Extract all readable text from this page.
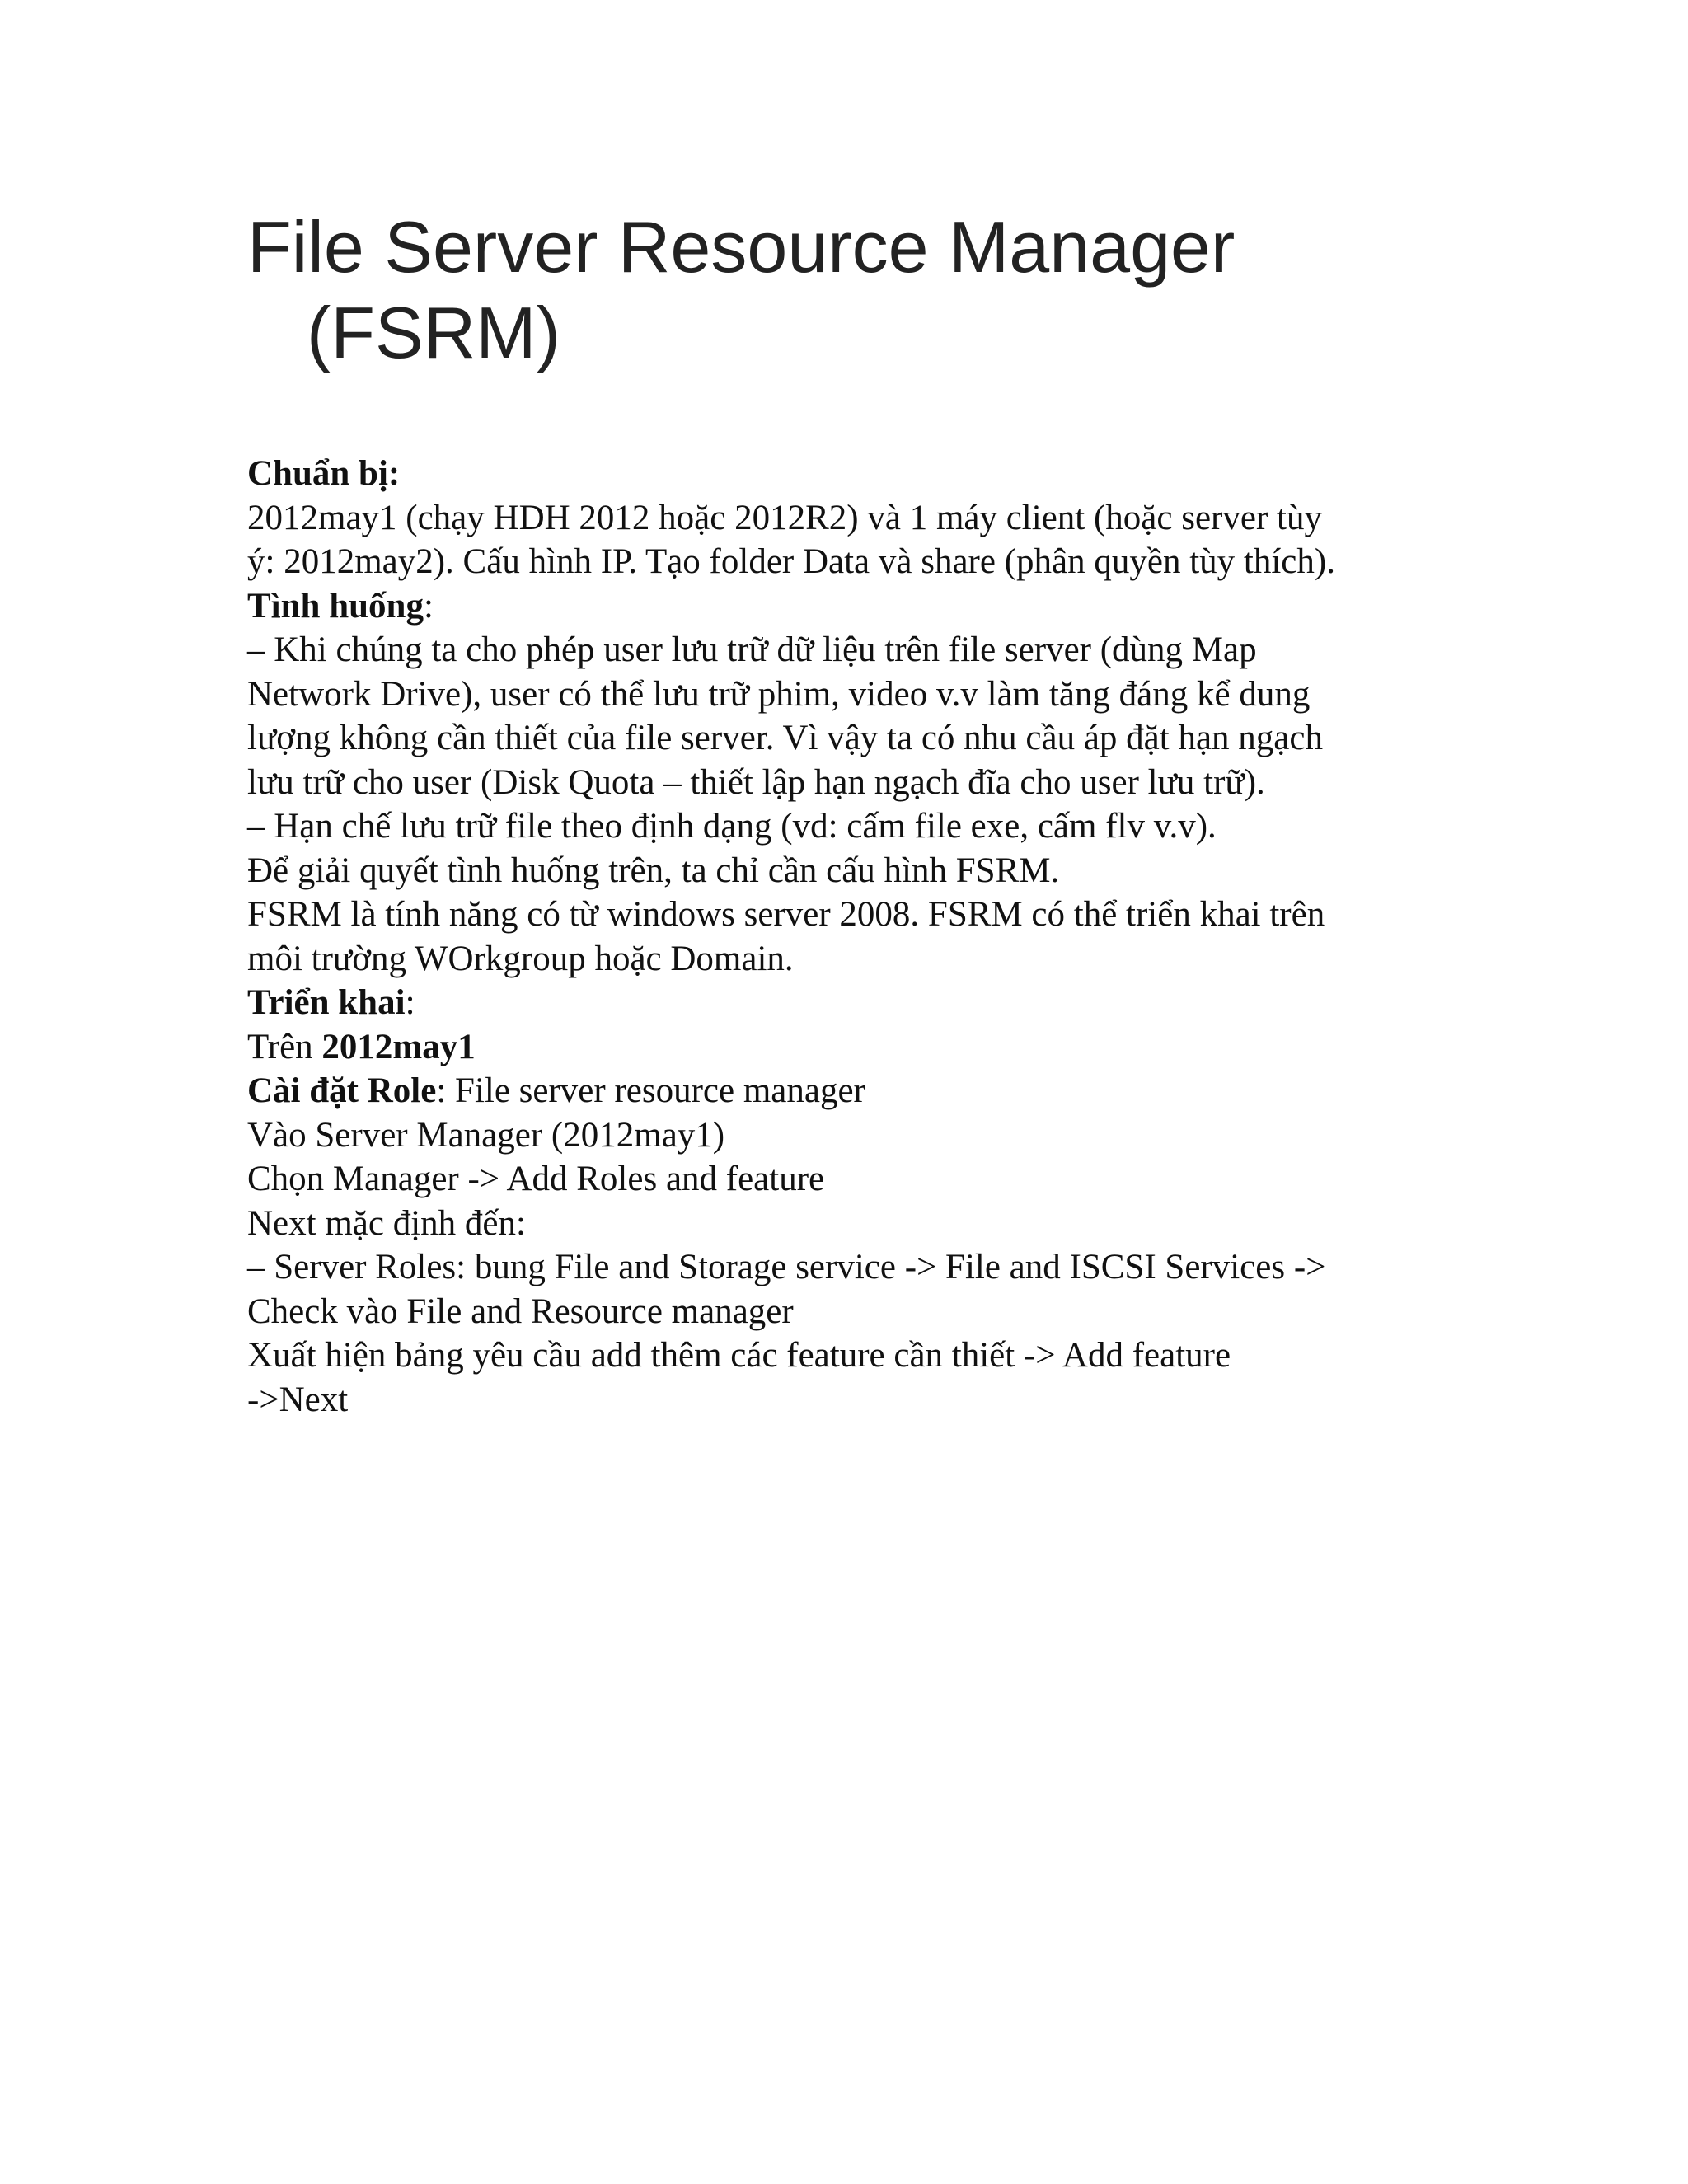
File Server Resource Manager
(FSRM)
Chuẩn bị:
2012may1 (chạy HDH 2012 hoặc 2012R2) và 1 máy client (hoặc server tùy
ý: 2012may2). Cấu hình IP. Tạo folder Data và share (phân quyền tùy thích).
Tình huống:
– Khi chúng ta cho phép user lưu trữ dữ liệu trên file server (dùng Map
Network Drive), user có thể lưu trữ phim, video v.v làm tăng đáng kể dung
lượng không cần thiết của file server. Vì vậy ta có nhu cầu áp đặt hạn ngạch
lưu trữ cho user (Disk Quota – thiết lập hạn ngạch đĩa cho user lưu trữ).
– Hạn chế lưu trữ file theo định dạng (vd: cấm file exe, cấm flv v.v).
Để giải quyết tình huống trên, ta chỉ cần cấu hình FSRM.
FSRM là tính năng có từ windows server 2008. FSRM có thể triển khai trên
môi trường WOrkgroup hoặc Domain.
Triển khai:
Trên 2012may1
Cài đặt Role: File server resource manager
Vào Server Manager (2012may1)
Chọn Manager -> Add Roles and feature
Next mặc định đến:
– Server Roles: bung File and Storage service -> File and ISCSI Services ->
Check vào File and Resource manager
Xuất hiện bảng yêu cầu add thêm các feature cần thiết -> Add feature
->Next
